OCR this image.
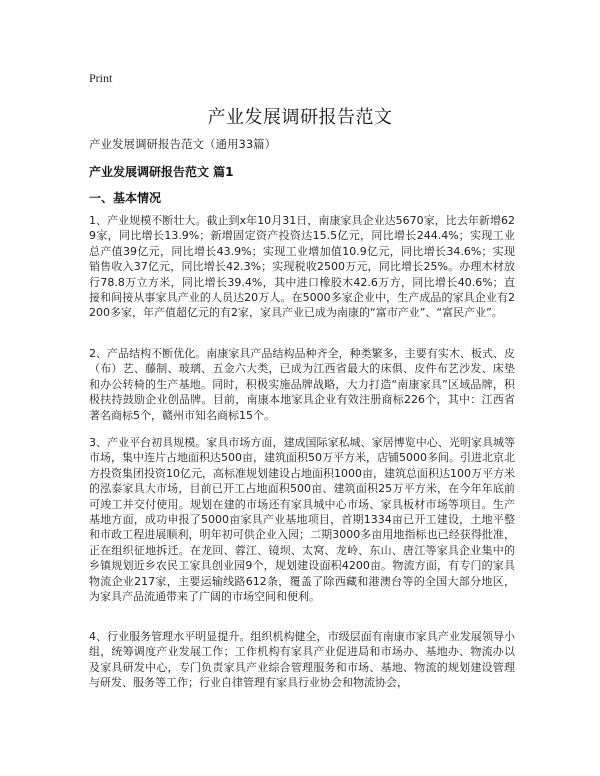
Print
产业发展调研报告范文
产业发展调研报告范文（通用33篇）
产业发展调研报告范文 篇1
一、基本情况

1、产业规模不断壮大。截止到x年10月31日，南康家具企业达5670家，比去年新增629家，同比增长13.9%；新增固定资产投资达15.5亿元，同比增长244.4%；实现工业总产值39亿元，同比增长43.9%；实现工业增加值10.9亿元，同比增长34.6%；实现销售收入37亿元，同比增长42.3%；实现税收2500万元，同比增长25%。办理木材放行78.8万立方米，同比增长39.4%，其中进口橡胶木42.6万方，同比增长40.6%；直接和间接从事家具产业的人员达20万人。在5000多家企业中，生产成品的家具企业有2200多家，年产值超亿元的有2家，家具产业已成为南康的“富市产业”、“富民产业”。

2、产品结构不断优化。南康家具产品结构品种齐全，种类繁多，主要有实木、板式、皮（布）艺、藤制、玻璃、五金六大类，已成为江西省最大的床俱、皮件布艺沙发、床垫和办公转椅的生产基地。同时，积极实施品牌战略，大力打造“南康家具”区域品牌，积极扶持鼓励企业创品牌。目前，南康本地家具企业有效注册商标226个，其中：江西省著名商标5个，赣州市知名商标15个。

3、产业平台初具规模。家具市场方面，建成国际家私城、家居博览中心、光明家具城等市场，集中连片占地面积达500亩，建筑面积50万平方米，店铺5000多间。引进北京北方投资集团投资10亿元，高标准规划建设占地面积1000亩，建筑总面积达100万平方米的泓泰家具大市场，目前已开工占地面积500亩、建筑面积25万平方米，在今年年底前可竣工并交付使用。规划在建的市场还有家具城中心市场、家具板材市场等项目。生产基地方面，成功申报了5000亩家具产业基地项目，首期1334亩已开工建设，土地平整和市政工程进展顺利，明年初可供企业入园；二期3000多亩用地指标也已经获得批准，正在组织征地拆迁。在龙回、蓉江、镜坝、太窝、龙岭、东山、唐江等家具企业集中的乡镇规划近乡农民工家具创业园9个，规划建设面积4200亩。物流方面，有专门的家具物流企业217家，主要运输线路612条，覆盖了除西藏和港澳台等的全国大部分地区，为家具产品流通带来了广阔的市场空间和便利。

4、行业服务管理水平明显提升。组织机构健全，市级层面有南康市家具产业发展领导小组，统筹调度产业发展工作；工作机构有家具产业促进局和市场办、基地办、物流办以及家具研发中心，专门负责家具产业综合管理服务和市场、基地、物流的规划建设管理与研发、服务等工作；行业自律管理有家具行业协会和物流协会，
